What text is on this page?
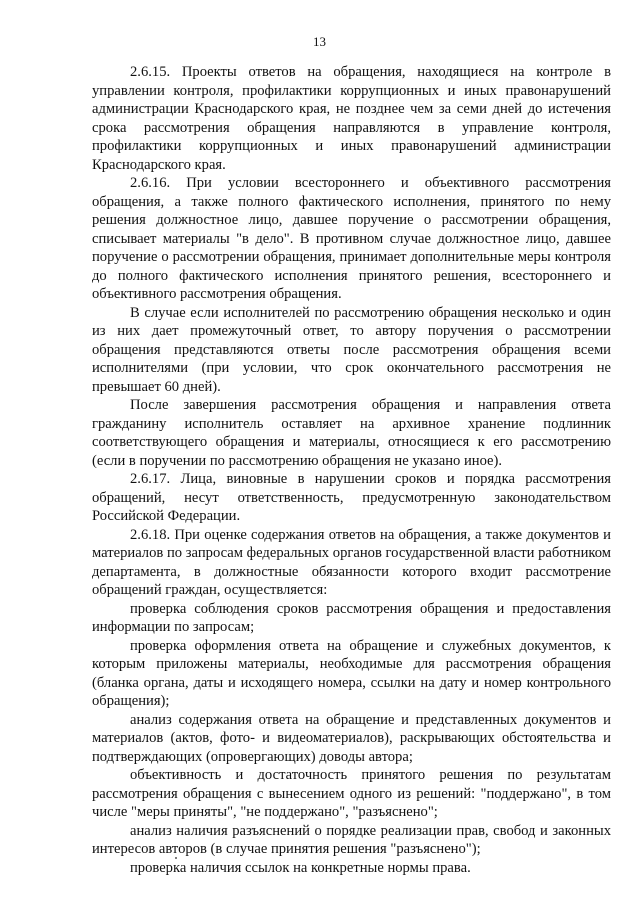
13

2.6.15. Проекты ответов на обращения, находящиеся на контроле в управлении контроля, профилактики коррупционных и иных правонарушений администрации Краснодарского края, не позднее чем за семи дней до истечения срока рассмотрения обращения направляются в управление контроля, профилактики коррупционных и иных правонарушений администрации Краснодарского края.

2.6.16. При условии всестороннего и объективного рассмотрения обращения, а также полного фактического исполнения, принятого по нему решения должностное лицо, давшее поручение о рассмотрении обращения, списывает материалы "в дело". В противном случае должностное лицо, давшее поручение о рассмотрении обращения, принимает дополнительные меры контроля до полного фактического исполнения принятого решения, всестороннего и объективного рассмотрения обращения.

В случае если исполнителей по рассмотрению обращения несколько и один из них дает промежуточный ответ, то автору поручения о рассмотрении обращения представляются ответы после рассмотрения обращения всеми исполнителями (при условии, что срок окончательного рассмотрения не превышает 60 дней).

После завершения рассмотрения обращения и направления ответа гражданину исполнитель оставляет на архивное хранение подлинник соответствующего обращения и материалы, относящиеся к его рассмотрению (если в поручении по рассмотрению обращения не указано иное).

2.6.17. Лица, виновные в нарушении сроков и порядка рассмотрения обращений, несут ответственность, предусмотренную законодательством Российской Федерации.

2.6.18. При оценке содержания ответов на обращения, а также документов и материалов по запросам федеральных органов государственной власти работником департамента, в должностные обязанности которого входит рассмотрение обращений граждан, осуществляется:

проверка соблюдения сроков рассмотрения обращения и предоставления информации по запросам;

проверка оформления ответа на обращение и служебных документов, к которым приложены материалы, необходимые для рассмотрения обращения (бланка органа, даты и исходящего номера, ссылки на дату и номер контрольного обращения);

анализ содержания ответа на обращение и представленных документов и материалов (актов, фото- и видеоматериалов), раскрывающих обстоятельства и подтверждающих (опровергающих) доводы автора;

объективность и достаточность принятого решения по результатам рассмотрения обращения с вынесением одного из решений: "поддержано", в том числе "меры приняты", "не поддержано", "разъяснено";

анализ наличия разъяснений о порядке реализации прав, свобод и законных интересов авторов (в случае принятия решения "разъяснено");

проверка наличия ссылок на конкретные нормы права.
